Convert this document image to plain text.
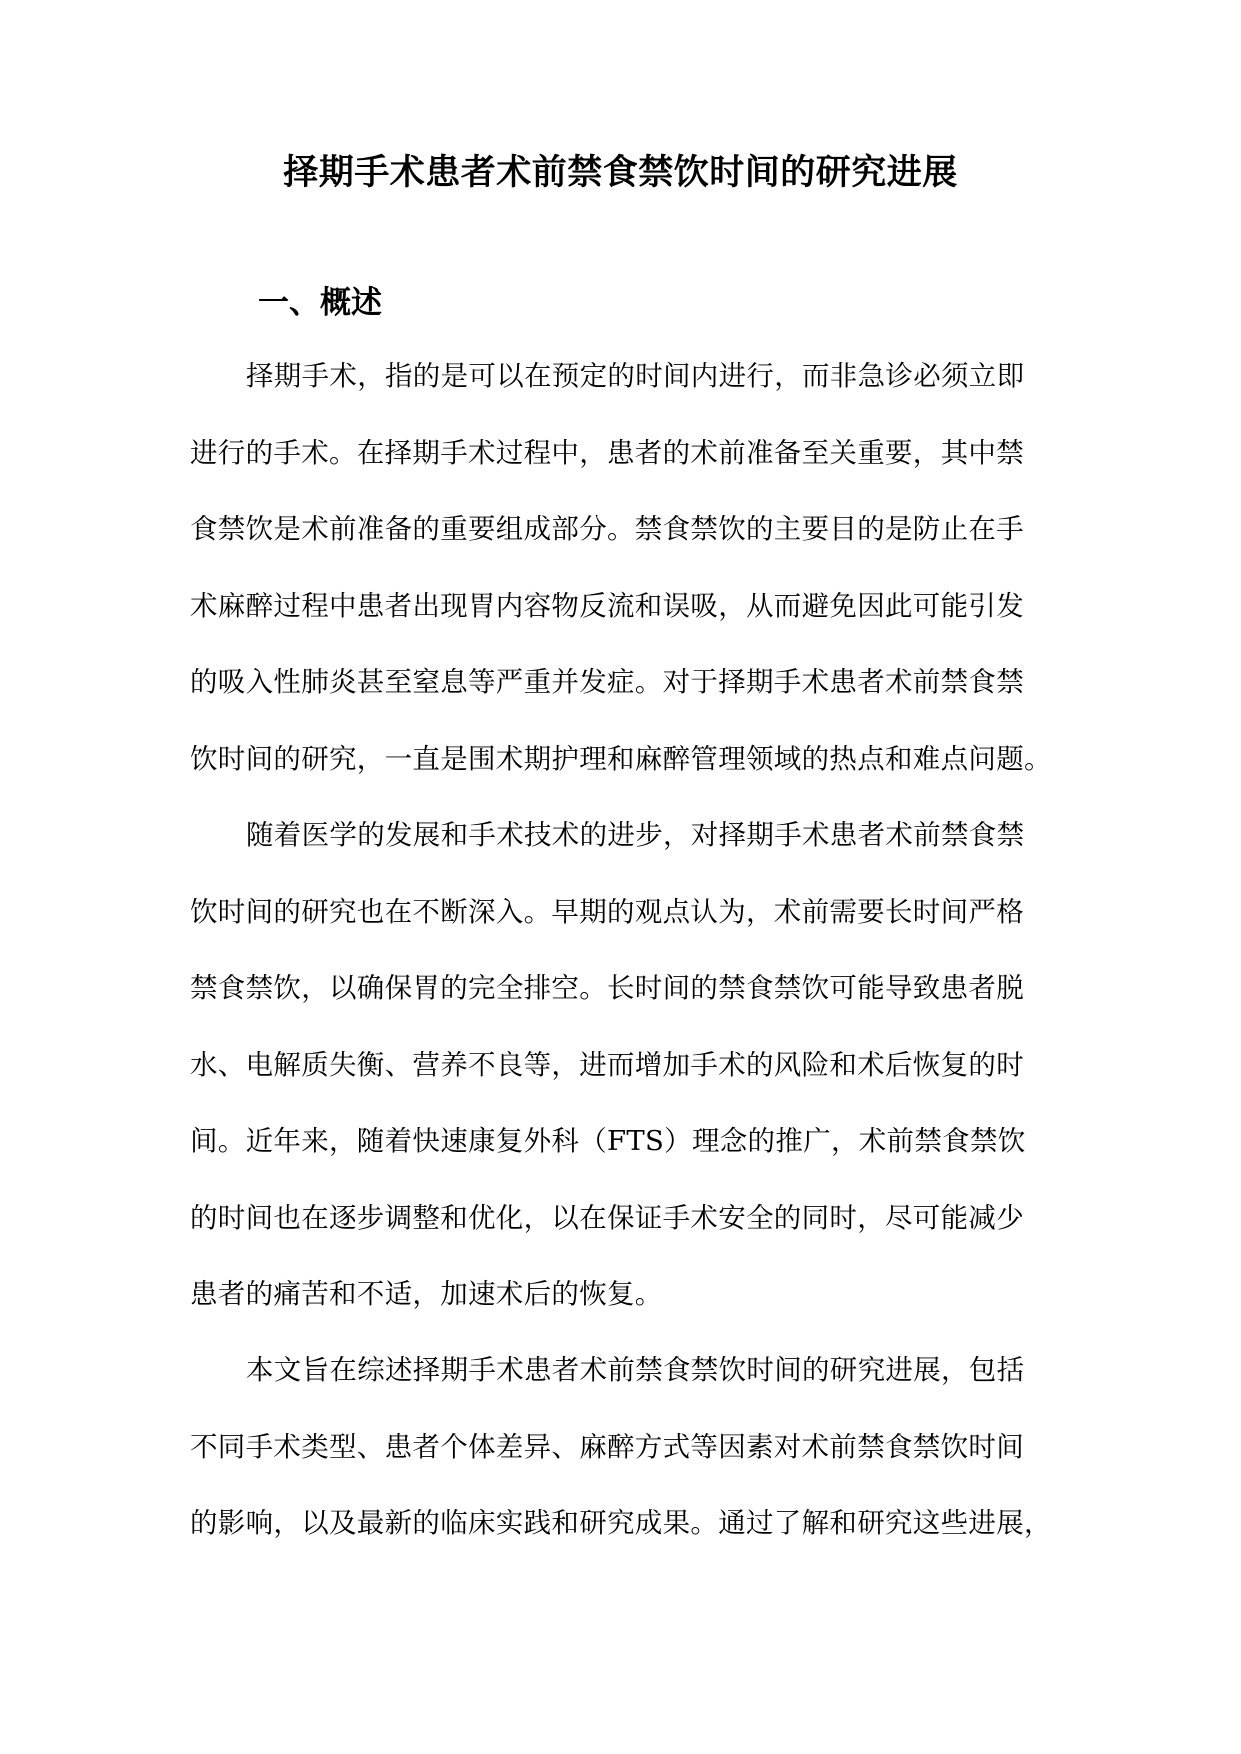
择期手术患者术前禁食禁饮时间的研究进展
一、概述
择期手术，指的是可以在预定的时间内进行，而非急诊必须立即
进行的手术。在择期手术过程中，患者的术前准备至关重要，其中禁
食禁饮是术前准备的重要组成部分。禁食禁饮的主要目的是防止在手
术麻醉过程中患者出现胃内容物反流和误吸，从而避免因此可能引发
的吸入性肺炎甚至窒息等严重并发症。对于择期手术患者术前禁食禁
饮时间的研究，一直是围术期护理和麻醉管理领域的热点和难点问题。
随着医学的发展和手术技术的进步，对择期手术患者术前禁食禁
饮时间的研究也在不断深入。早期的观点认为，术前需要长时间严格
禁食禁饮，以确保胃的完全排空。长时间的禁食禁饮可能导致患者脱
水、电解质失衡、营养不良等，进而增加手术的风险和术后恢复的时
间。近年来，随着快速康复外科（FTS）理念的推广，术前禁食禁饮
的时间也在逐步调整和优化，以在保证手术安全的同时，尽可能减少
患者的痛苦和不适，加速术后的恢复。
本文旨在综述择期手术患者术前禁食禁饮时间的研究进展，包括
不同手术类型、患者个体差异、麻醉方式等因素对术前禁食禁饮时间
的影响，以及最新的临床实践和研究成果。通过了解和研究这些进展，
